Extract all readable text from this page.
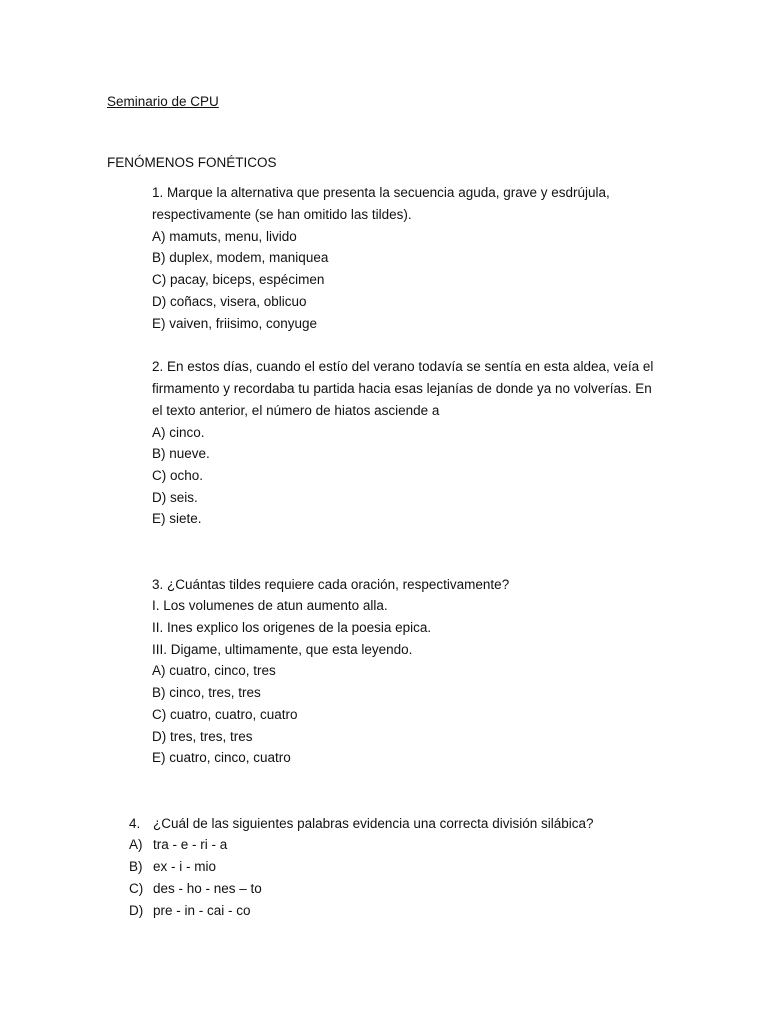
Seminario de CPU
FENÓMENOS FONÉTICOS
1. Marque la alternativa que presenta la secuencia aguda, grave y esdrújula,
respectivamente (se han omitido las tildes).
A) mamuts, menu, livido
B) duplex, modem, maniquea
C) pacay, biceps, espécimen
D) coñacs, visera, oblicuo
E) vaiven, friisimo, conyuge
2. En estos días, cuando el estío del verano todavía se sentía en esta aldea, veía el
firmamento y recordaba tu partida hacia esas lejanías de donde ya no volverías. En
el texto anterior, el número de hiatos asciende a
A) cinco.
B) nueve.
C) ocho.
D) seis.
E) siete.
3. ¿Cuántas tildes requiere cada oración, respectivamente?
I. Los volumenes de atun aumento alla.
II. Ines explico los origenes de la poesia epica.
III. Digame, ultimamente, que esta leyendo.
A) cuatro, cinco, tres
B) cinco, tres, tres
C) cuatro, cuatro, cuatro
D) tres, tres, tres
E) cuatro, cinco, cuatro
4. ¿Cuál de las siguientes palabras evidencia una correcta división silábica?
A) tra - e - ri - a
B) ex - i - mio
C) des - ho - nes – to
D) pre - in - cai - co
